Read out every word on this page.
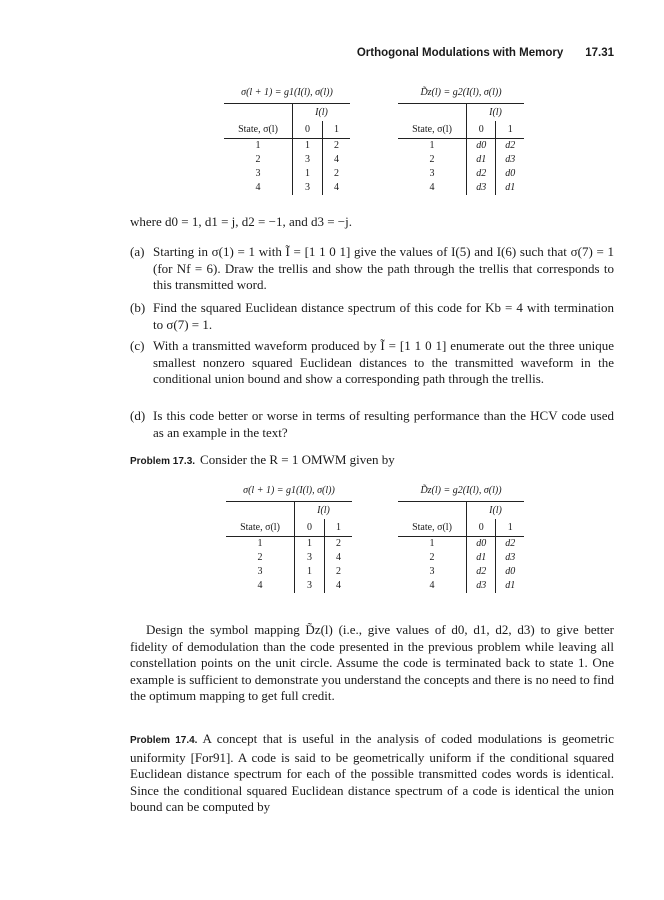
Orthogonal Modulations with Memory 17.31
σ(l + 1) = g1(I(l), σ(l))
	I(l)	
State, σ(l)	0	1
1	1	2
2	3	4
3	1	2
4	3	4
D̃z(l) = g2(I(l), σ(l))
	I(l)	
State, σ(l)	0	1
1	d0	d2
2	d1	d3
3	d2	d0
4	d3	d1
where d0 = 1, d1 = j, d2 = −1, and d3 = −j.
(a) Starting in σ(1) = 1 with Ĩ = [1 1 0 1] give the values of I(5) and I(6) such that σ(7) = 1 (for Nf = 6). Draw the trellis and show the path through the trellis that corresponds to this transmitted word.
(b) Find the squared Euclidean distance spectrum of this code for Kb = 4 with termination to σ(7) = 1.
(c) With a transmitted waveform produced by Ĩ = [1 1 0 1] enumerate out the three unique smallest nonzero squared Euclidean distances to the transmitted waveform in the conditional union bound and show a corresponding path through the trellis.
(d) Is this code better or worse in terms of resulting performance than the HCV code used as an example in the text?
Problem 17.3. Consider the R = 1 OMWM given by
σ(l + 1) = g1(I(l), σ(l))
	I(l)	
State, σ(l)	0	1
1	1	2
2	3	4
3	1	2
4	3	4
D̃z(l) = g2(I(l), σ(l))
	I(l)	
State, σ(l)	0	1
1	d0	d2
2	d1	d3
3	d2	d0
4	d3	d1
Design the symbol mapping D̃z(l) (i.e., give values of d0, d1, d2, d3) to give better fidelity of demodulation than the code presented in the previous problem while leaving all constellation points on the unit circle. Assume the code is terminated back to state 1. One example is sufficient to demonstrate you understand the concepts and there is no need to find the optimum mapping to get full credit.
Problem 17.4. A concept that is useful in the analysis of coded modulations is geometric uniformity [For91]. A code is said to be geometrically uniform if the conditional squared Euclidean distance spectrum for each of the possible transmitted codes words is identical. Since the conditional squared Euclidean distance spectrum of a code is identical the union bound can be computed by
